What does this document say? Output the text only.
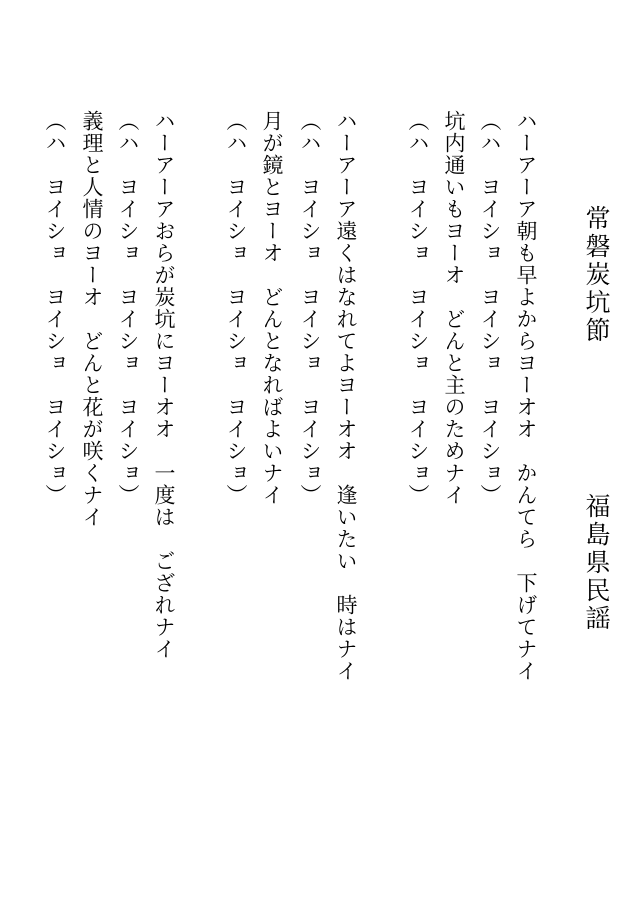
常磐炭坑節
福島県民謡
ハーアーア朝も早よからヨーオオ　かんてら　下げてナイ
（ハ　ヨイショ　ヨイショ　ヨイショ）
坑内通いもヨーオ　どんと主のためナイ
（ハ　ヨイショ　ヨイショ　ヨイショ）
ハーアーア遠くはなれてよヨーオオ　逢いたい　時はナイ
（ハ　ヨイショ　ヨイショ　ヨイショ）
月が鏡とヨーオ　どんとなればよいナイ
（ハ　ヨイショ　ヨイショ　ヨイショ）
ハーアーアおらが炭坑にヨーオオ　一度は　ござれナイ
（ハ　ヨイショ　ヨイショ　ヨイショ）
義理と人情のヨーオ　どんと花が咲くナイ
（ハ　ヨイショ　ヨイショ　ヨイショ）
